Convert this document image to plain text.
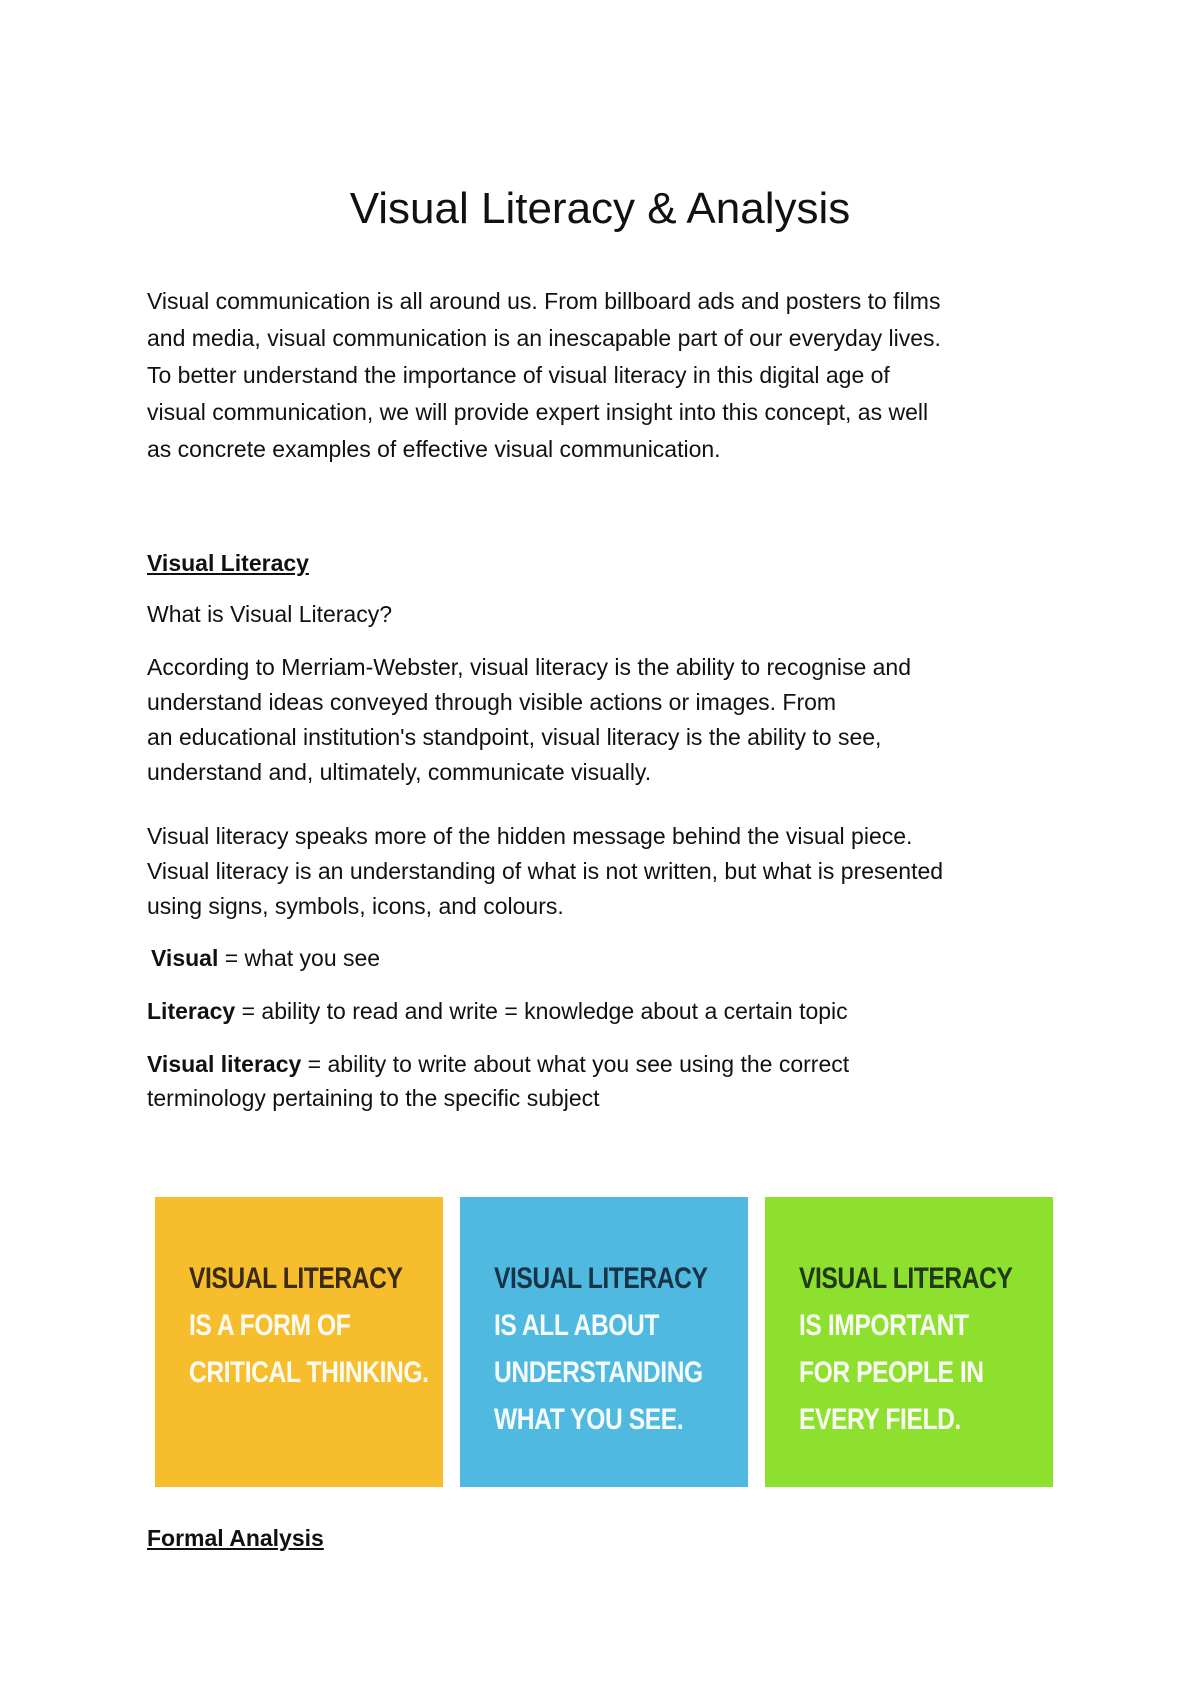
Visual Literacy & Analysis
Visual communication is all around us. From billboard ads and posters to films
and media, visual communication is an inescapable part of our everyday lives.
To better understand the importance of visual literacy in this digital age of
visual communication, we will provide expert insight into this concept, as well
as concrete examples of effective visual communication.
Visual Literacy

What is Visual Literacy?

According to Merriam-Webster, visual literacy is the ability to recognise and
understand ideas conveyed through visible actions or images. From
an educational institution's standpoint, visual literacy is the ability to see,
understand and, ultimately, communicate visually.
Visual literacy speaks more of the hidden message behind the visual piece.
Visual literacy is an understanding of what is not written, but what is presented
using signs, symbols, icons, and colours.

Visual = what you see

Literacy = ability to read and write = knowledge about a certain topic

Visual literacy = ability to write about what you see using the correct
terminology pertaining to the specific subject
VISUAL LITERACY
IS A FORM OF
CRITICAL THINKING.
VISUAL LITERACY
IS ALL ABOUT
UNDERSTANDING
WHAT YOU SEE.
VISUAL LITERACY
IS IMPORTANT
FOR PEOPLE IN
EVERY FIELD.
Formal Analysis
